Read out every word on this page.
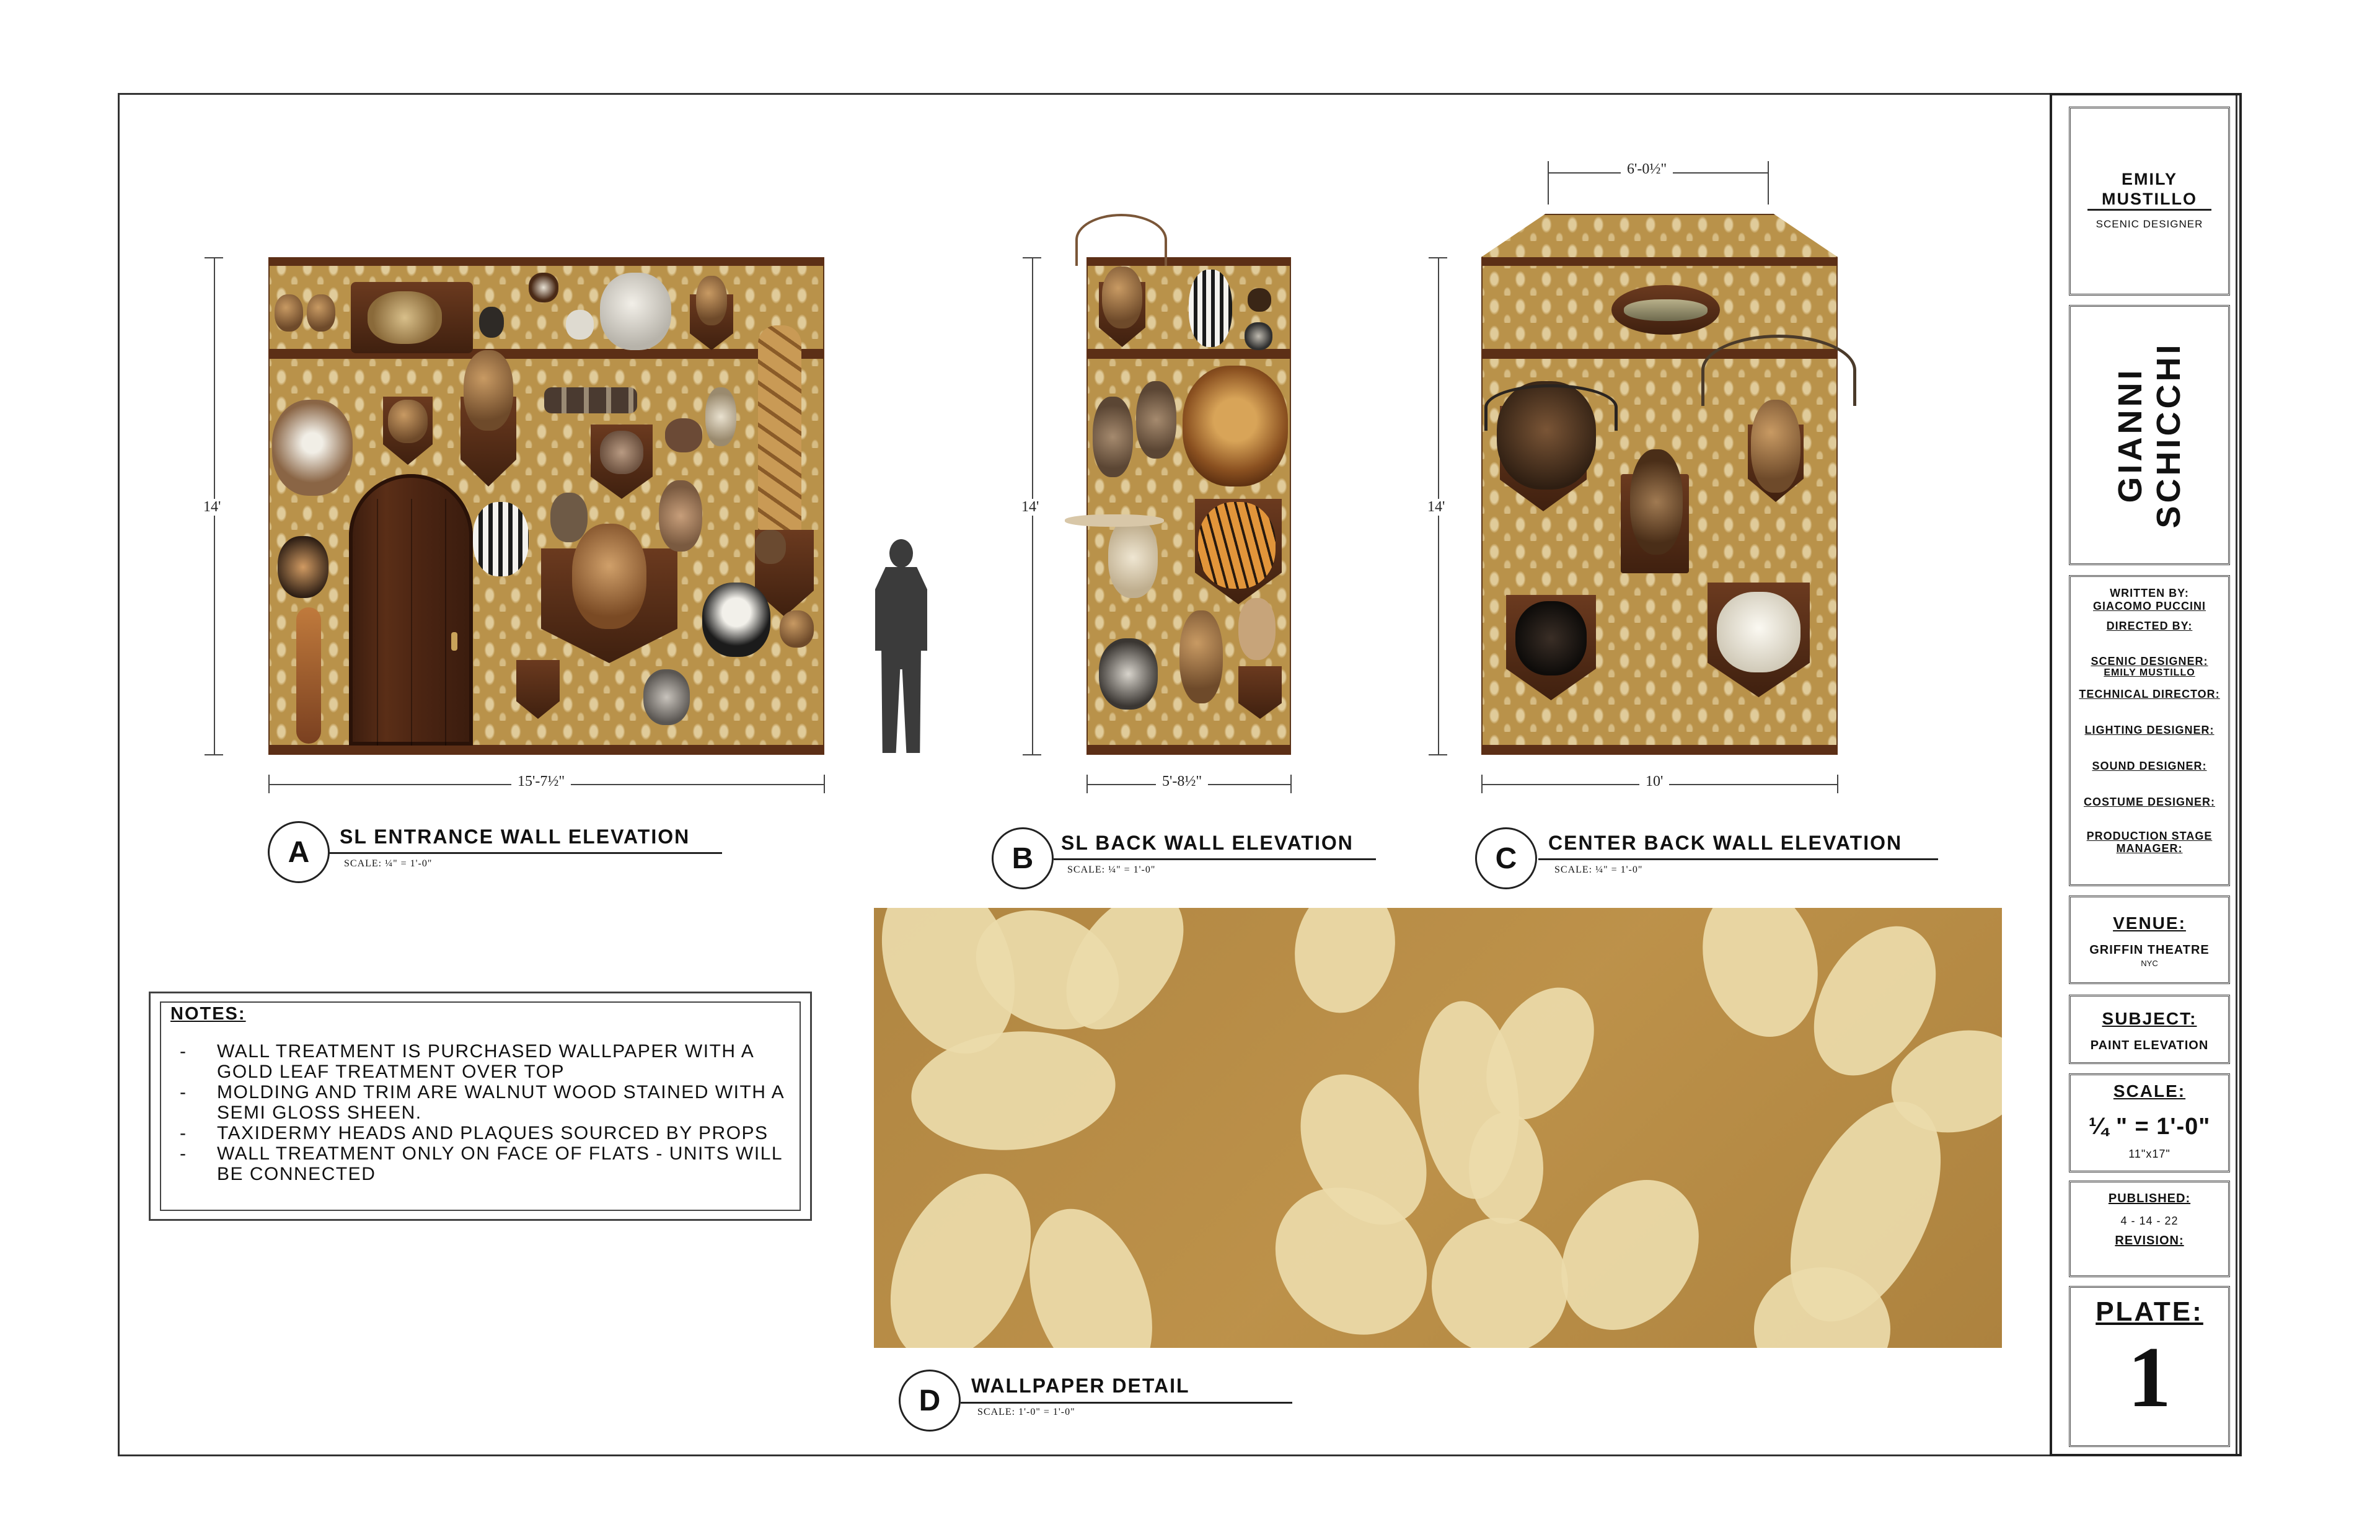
14'
15'-7½"
A	SL ENTRANCE WALL ELEVATION
SCALE: ¼" = 1'-0"
14'
5'-8½"
B	SL BACK WALL ELEVATION
SCALE: ¼" = 1'-0"
6'-0½"
14'
10'
C	CENTER BACK WALL ELEVATION
SCALE: ¼" = 1'-0"
NOTES:
-	WALL TREATMENT IS PURCHASED WALLPAPER WITH A GOLD LEAF TREATMENT OVER TOP
-	MOLDING AND TRIM ARE WALNUT WOOD STAINED WITH A SEMI GLOSS SHEEN.
-	TAXIDERMY HEADS AND PLAQUES SOURCED BY PROPS
-	WALL TREATMENT ONLY ON FACE OF FLATS - UNITS WILL BE CONNECTED
D	WALLPAPER DETAIL
SCALE: 1'-0" = 1'-0"
EMILY MUSTILLO
SCENIC DESIGNER
GIANNI SCHICCHI
WRITTEN BY:
GIACOMO PUCCINI
DIRECTED BY:
SCENIC DESIGNER:
EMILY MUSTILLO
TECHNICAL DIRECTOR:
LIGHTING DESIGNER:
SOUND DESIGNER:
COSTUME DESIGNER:
PRODUCTION STAGE MANAGER:
VENUE:
GRIFFIN THEATRE
NYC
SUBJECT:
PAINT ELEVATION
SCALE:
¼ " = 1'-0"
11"x17"
PUBLISHED:
4 - 14 - 22
REVISION:
PLATE:
1
